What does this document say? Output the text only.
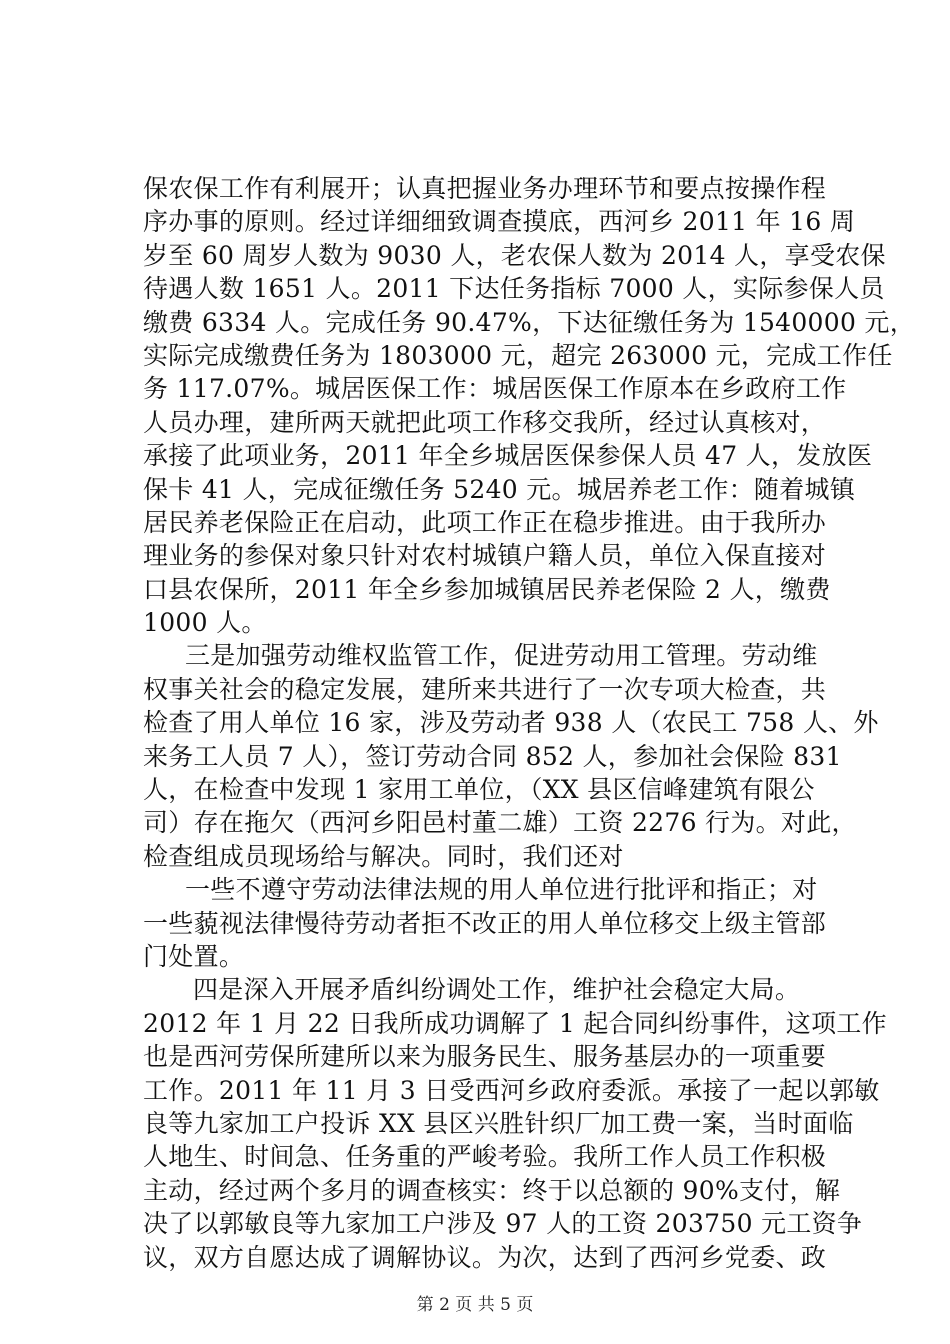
保农保工作有利展开；认真把握业务办理环节和要点按操作程
序办事的原则。经过详细细致调查摸底，西河乡 2011 年 16 周
岁至 60 周岁人数为 9030 人，老农保人数为 2014 人，享受农保
待遇人数 1651 人。2011 下达任务指标 7000 人，实际参保人员
缴费 6334 人。完成任务 90.47%，下达征缴任务为 1540000 元，
实际完成缴费任务为 1803000 元，超完 263000 元，完成工作任
务 117.07%。城居医保工作：城居医保工作原本在乡政府工作
人员办理，建所两天就把此项工作移交我所，经过认真核对，
承接了此项业务，2011 年全乡城居医保参保人员 47 人，发放医
保卡 41 人，完成征缴任务 5240 元。城居养老工作：随着城镇
居民养老保险正在启动，此项工作正在稳步推进。由于我所办
理业务的参保对象只针对农村城镇户籍人员，单位入保直接对
口县农保所，2011 年全乡参加城镇居民养老保险 2 人，缴费
1000 人。
三是加强劳动维权监管工作，促进劳动用工管理。劳动维
权事关社会的稳定发展，建所来共进行了一次专项大检查，共
检查了用人单位 16 家，涉及劳动者 938 人（农民工 758 人、外
来务工人员 7 人），签订劳动合同 852 人，参加社会保险 831
人，在检查中发现 1 家用工单位，（XX 县区信峰建筑有限公
司）存在拖欠（西河乡阳邑村董二雄）工资 2276 行为。对此，
检查组成员现场给与解决。同时，我们还对
一些不遵守劳动法律法规的用人单位进行批评和指正；对
一些藐视法律慢待劳动者拒不改正的用人单位移交上级主管部
门处置。
四是深入开展矛盾纠纷调处工作，维护社会稳定大局。
2012 年 1 月 22 日我所成功调解了 1 起合同纠纷事件，这项工作
也是西河劳保所建所以来为服务民生、服务基层办的一项重要
工作。2011 年 11 月 3 日受西河乡政府委派。承接了一起以郭敏
良等九家加工户投诉 XX 县区兴胜针织厂加工费一案，当时面临
人地生、时间急、任务重的严峻考验。我所工作人员工作积极
主动，经过两个多月的调查核实：终于以总额的 90%支付，解
决了以郭敏良等九家加工户涉及 97 人的工资 203750 元工资争
议，双方自愿达成了调解协议。为次，达到了西河乡党委、政
第 2 页 共 5 页
